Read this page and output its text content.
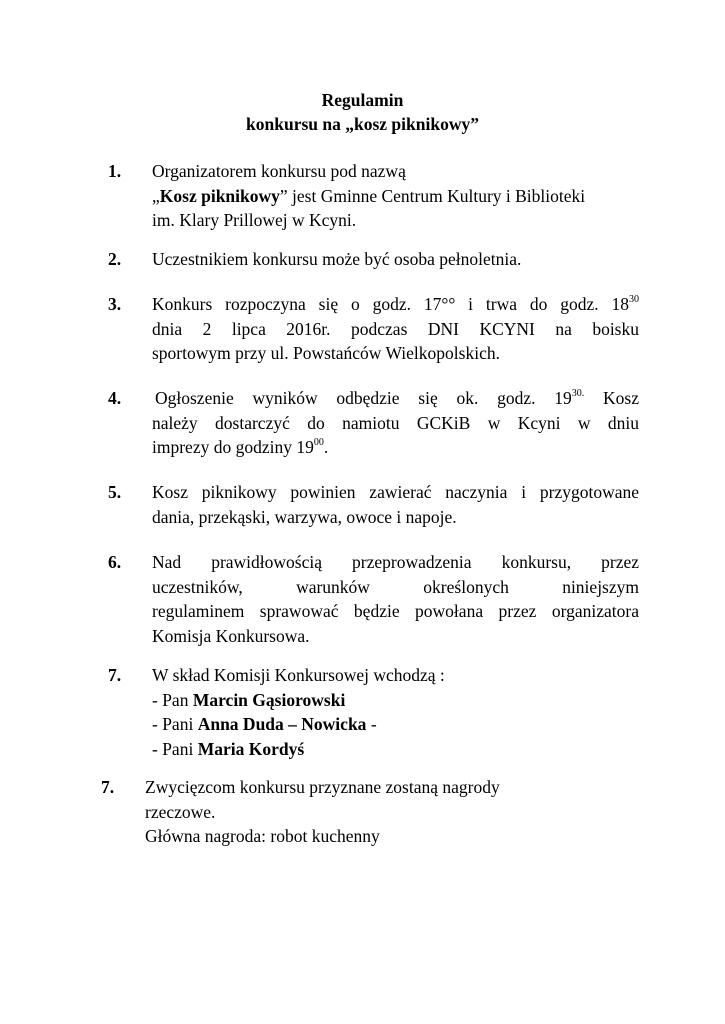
Regulamin
konkursu na „kosz piknikowy”
1. Organizatorem konkursu pod nazwą
„Kosz piknikowy” jest Gminne Centrum Kultury i Biblioteki
im. Klary Prillowej w Kcyni.
2. Uczestnikiem konkursu może być osoba pełnoletnia.
3. Konkurs rozpoczyna się o godz. 17°° i trwa do godz. $18^{30}$
dnia 2 lipca 2016r. podczas DNI KCYNI na boisku
sportowym przy ul. Powstańców Wielkopolskich.
4. Ogłoszenie wyników odbędzie się ok. godz. $19^{30.}$ Kosz
należy dostarczyć do namiotu GCKiB w Kcyni w dniu
imprezy do godziny $19^{00}$.
5. Kosz piknikowy powinien zawierać naczynia i przygotowane
dania, przekąski, warzywa, owoce i napoje.
6. Nad prawidłowością przeprowadzenia konkursu, przez
uczestników, warunków określonych niniejszym
regulaminem sprawować będzie powołana przez organizatora
Komisja Konkursowa.
7. W skład Komisji Konkursowej wchodzą :
- Pan Marcin Gąsiorowski
- Pani Anna Duda – Nowicka -
- Pani Maria Kordyś
7. Zwycięzcom konkursu przyznane zostaną nagrody
rzeczowe.
Główna nagroda: robot kuchenny
